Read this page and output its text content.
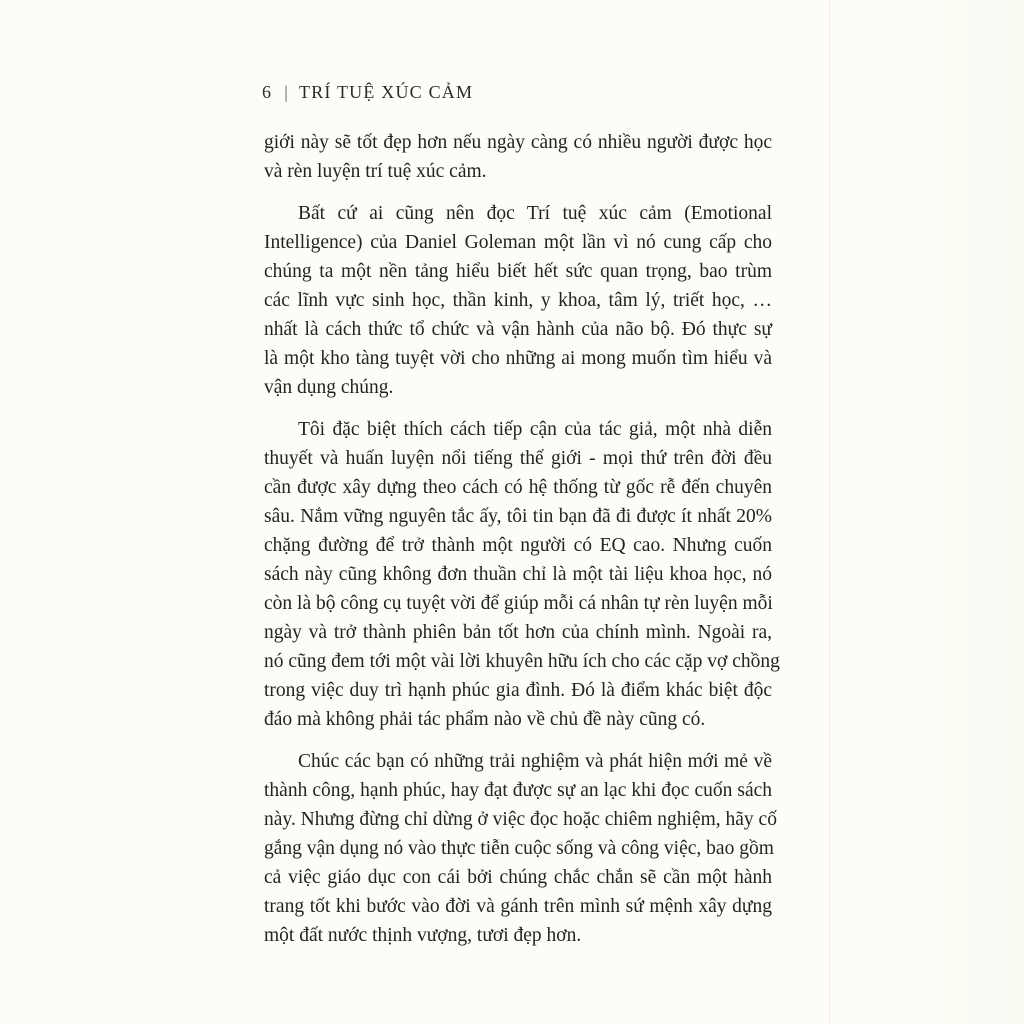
6 | TRÍ TUỆ XÚC CẢM
giới này sẽ tốt đẹp hơn nếu ngày càng có nhiều người được học
và rèn luyện trí tuệ xúc cảm.
Bất cứ ai cũng nên đọc Trí tuệ xúc cảm (Emotional
Intelligence) của Daniel Goleman một lần vì nó cung cấp cho
chúng ta một nền tảng hiểu biết hết sức quan trọng, bao trùm
các lĩnh vực sinh học, thần kinh, y khoa, tâm lý, triết học, …
nhất là cách thức tổ chức và vận hành của não bộ. Đó thực sự
là một kho tàng tuyệt vời cho những ai mong muốn tìm hiểu và
vận dụng chúng.
Tôi đặc biệt thích cách tiếp cận của tác giả, một nhà diễn
thuyết và huấn luyện nổi tiếng thế giới - mọi thứ trên đời đều
cần được xây dựng theo cách có hệ thống từ gốc rễ đến chuyên
sâu. Nắm vững nguyên tắc ấy, tôi tin bạn đã đi được ít nhất 20%
chặng đường để trở thành một người có EQ cao. Nhưng cuốn
sách này cũng không đơn thuần chỉ là một tài liệu khoa học, nó
còn là bộ công cụ tuyệt vời để giúp mỗi cá nhân tự rèn luyện mỗi
ngày và trở thành phiên bản tốt hơn của chính mình. Ngoài ra,
nó cũng đem tới một vài lời khuyên hữu ích cho các cặp vợ chồng
trong việc duy trì hạnh phúc gia đình. Đó là điểm khác biệt độc
đáo mà không phải tác phẩm nào về chủ đề này cũng có.
Chúc các bạn có những trải nghiệm và phát hiện mới mẻ về
thành công, hạnh phúc, hay đạt được sự an lạc khi đọc cuốn sách
này. Nhưng đừng chỉ dừng ở việc đọc hoặc chiêm nghiệm, hãy cố
gắng vận dụng nó vào thực tiễn cuộc sống và công việc, bao gồm
cả việc giáo dục con cái bởi chúng chắc chắn sẽ cần một hành
trang tốt khi bước vào đời và gánh trên mình sứ mệnh xây dựng
một đất nước thịnh vượng, tươi đẹp hơn.
